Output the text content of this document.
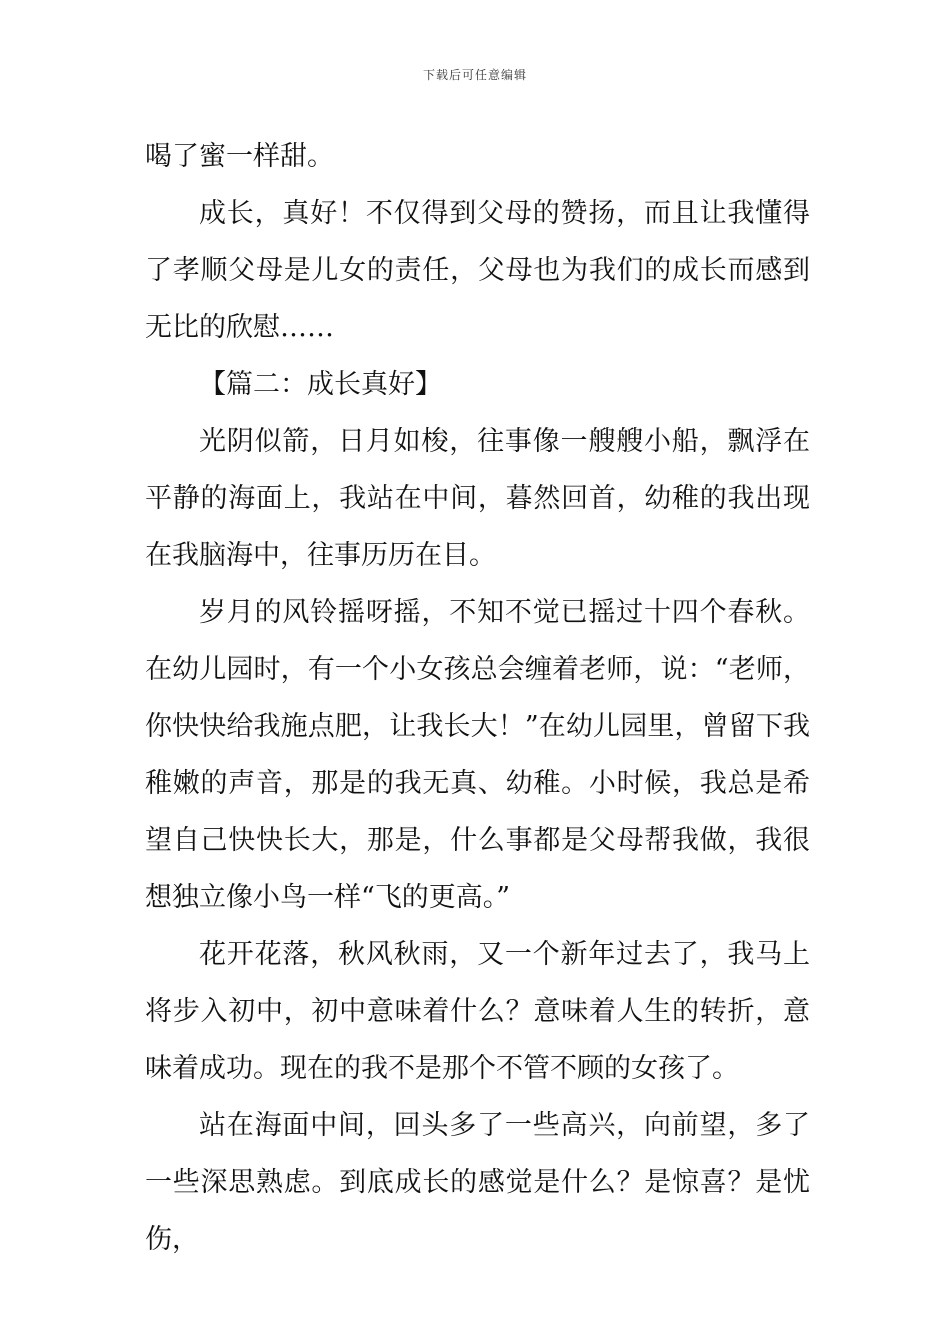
下载后可任意编辑

喝了蜜一样甜。

成长，真好！不仅得到父母的赞扬，而且让我懂得了孝顺父母是儿女的责任，父母也为我们的成长而感到无比的欣慰……

【篇二：成长真好】

光阴似箭，日月如梭，往事像一艘艘小船，飘浮在平静的海面上，我站在中间，暮然回首，幼稚的我出现在我脑海中，往事历历在目。

岁月的风铃摇呀摇，不知不觉已摇过十四个春秋。在幼儿园时，有一个小女孩总会缠着老师，说：“老师，你快快给我施点肥，让我长大！”在幼儿园里，曾留下我稚嫩的声音，那是的我无真、幼稚。小时候，我总是希望自己快快长大，那是，什么事都是父母帮我做，我很想独立像小鸟一样“飞的更高。”

花开花落，秋风秋雨，又一个新年过去了，我马上将步入初中，初中意味着什么？意味着人生的转折，意味着成功。现在的我不是那个不管不顾的女孩了。

站在海面中间，回头多了一些高兴，向前望，多了一些深思熟虑。到底成长的感觉是什么？是惊喜？是忧伤，
